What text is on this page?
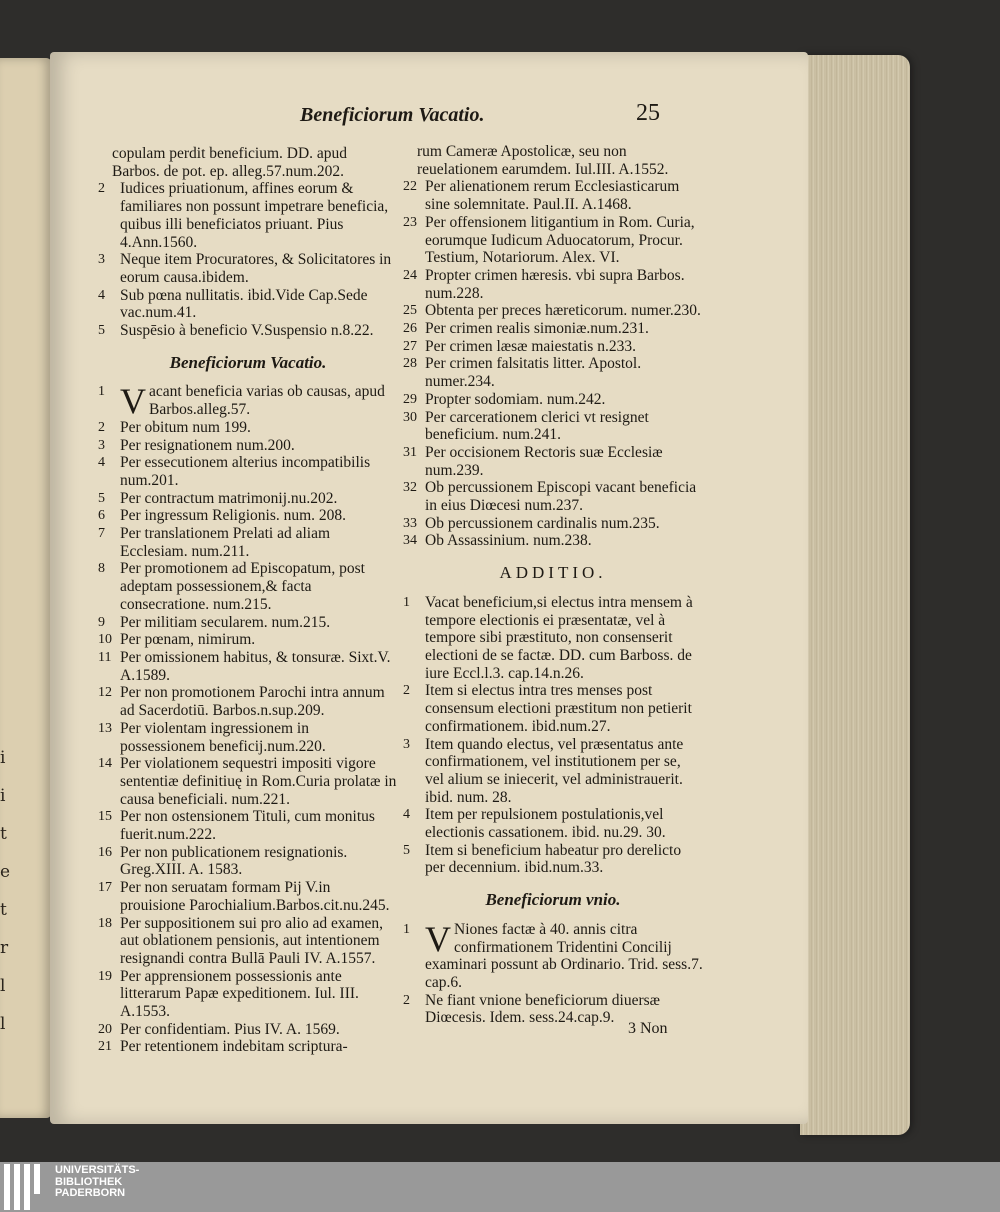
i
i
t
e
t
r
l
l
Beneficiorum Vacatio.	25
copulam perdit beneficium. DD. apud Barbos. de pot. ep. alleg.57.num.202.
2 Iudices priuationum, affines eorum & familiares non possunt impetrare beneficia, quibus illi beneficiatos priuant. Pius 4.Ann.1560.
3 Neque item Procuratores, & Solicitatores in eorum causa.ibidem.
4 Sub pœna nullitatis. ibid.Vide Cap.Sede vac.num.41.
5 Suspēsio à beneficio V.Suspensio n.8.22.
Beneficiorum Vacatio.
1 V acant beneficia varias ob causas, apud Barbos.alleg.57.
2 Per obitum num 199.
3 Per resignationem num.200.
4 Per essecutionem alterius incompatibilis num.201.
5 Per contractum matrimonij.nu.202.
6 Per ingressum Religionis. num. 208.
7 Per translationem Prelati ad aliam Ecclesiam. num.211.
8 Per promotionem ad Episcopatum, post adeptam possessionem,& facta consecratione. num.215.
9 Per militiam secularem. num.215.
10 Per pœnam, nimirum.
11 Per omissionem habitus, & tonsuræ. Sixt.V. A.1589.
12 Per non promotionem Parochi intra annum ad Sacerdotiū. Barbos.n.sup.209.
13 Per violentam ingressionem in possessionem beneficij.num.220.
14 Per violationem sequestri impositi vigore sententiæ definitiuę in Rom.Curia prolatæ in causa beneficiali. num.221.
15 Per non ostensionem Tituli, cum monitus fuerit.num.222.
16 Per non publicationem resignationis. Greg.XIII. A. 1583.
17 Per non seruatam formam Pij V.in prouisione Parochialium.Barbos.cit.nu.245.
18 Per suppositionem sui pro alio ad examen, aut oblationem pensionis, aut intentionem resignandi contra Bullā Pauli IV. A.1557.
19 Per apprensionem possessionis ante litterarum Papæ expeditionem. Iul. III. A.1553.
20 Per confidentiam. Pius IV. A. 1569.
21 Per retentionem indebitam scriptura-
rum Cameræ Apostolicæ, seu non reuelationem earumdem. Iul.III. A.1552.
22 Per alienationem rerum Ecclesiasticarum sine solemnitate. Paul.II. A.1468.
23 Per offensionem litigantium in Rom. Curia, eorumque Iudicum Aduocatorum, Procur. Testium, Notariorum. Alex. VI.
24 Propter crimen hæresis. vbi supra Barbos. num.228.
25 Obtenta per preces hæreticorum. numer.230.
26 Per crimen realis simoniæ.num.231.
27 Per crimen læsæ maiestatis n.233.
28 Per crimen falsitatis litter. Apostol. numer.234.
29 Propter sodomiam. num.242.
30 Per carcerationem clerici vt resignet beneficium. num.241.
31 Per occisionem Rectoris suæ Ecclesiæ num.239.
32 Ob percussionem Episcopi vacant beneficia in eius Diœcesi num.237.
33 Ob percussionem cardinalis num.235.
34 Ob Assassinium. num.238.
ADDITIO.
1 Vacat beneficium,si electus intra mensem à tempore electionis ei præsentatæ, vel à tempore sibi præstituto, non consenserit electioni de se factæ. DD. cum Barboss. de iure Eccl.l.3. cap.14.n.26.
2 Item si electus intra tres menses post consensum electioni præstitum non petierit confirmationem. ibid.num.27.
3 Item quando electus, vel præsentatus ante confirmationem, vel institutionem per se, vel alium se iniecerit, vel administrauerit. ibid. num. 28.
4 Item per repulsionem postulationis,vel electionis cassationem. ibid. nu.29. 30.
5 Item si beneficium habeatur pro derelicto per decennium. ibid.num.33.
Beneficiorum vnio.
1 V Niones factæ à 40. annis citra confirmationem Tridentini Concilij examinari possunt ab Ordinario. Trid. sess.7. cap.6.
2 Ne fiant vnione beneficiorum diuersæ Diœcesis. Idem. sess.24.cap.9.
3 Non
UNIVERSITÄTS-
BIBLIOTHEK
PADERBORN
